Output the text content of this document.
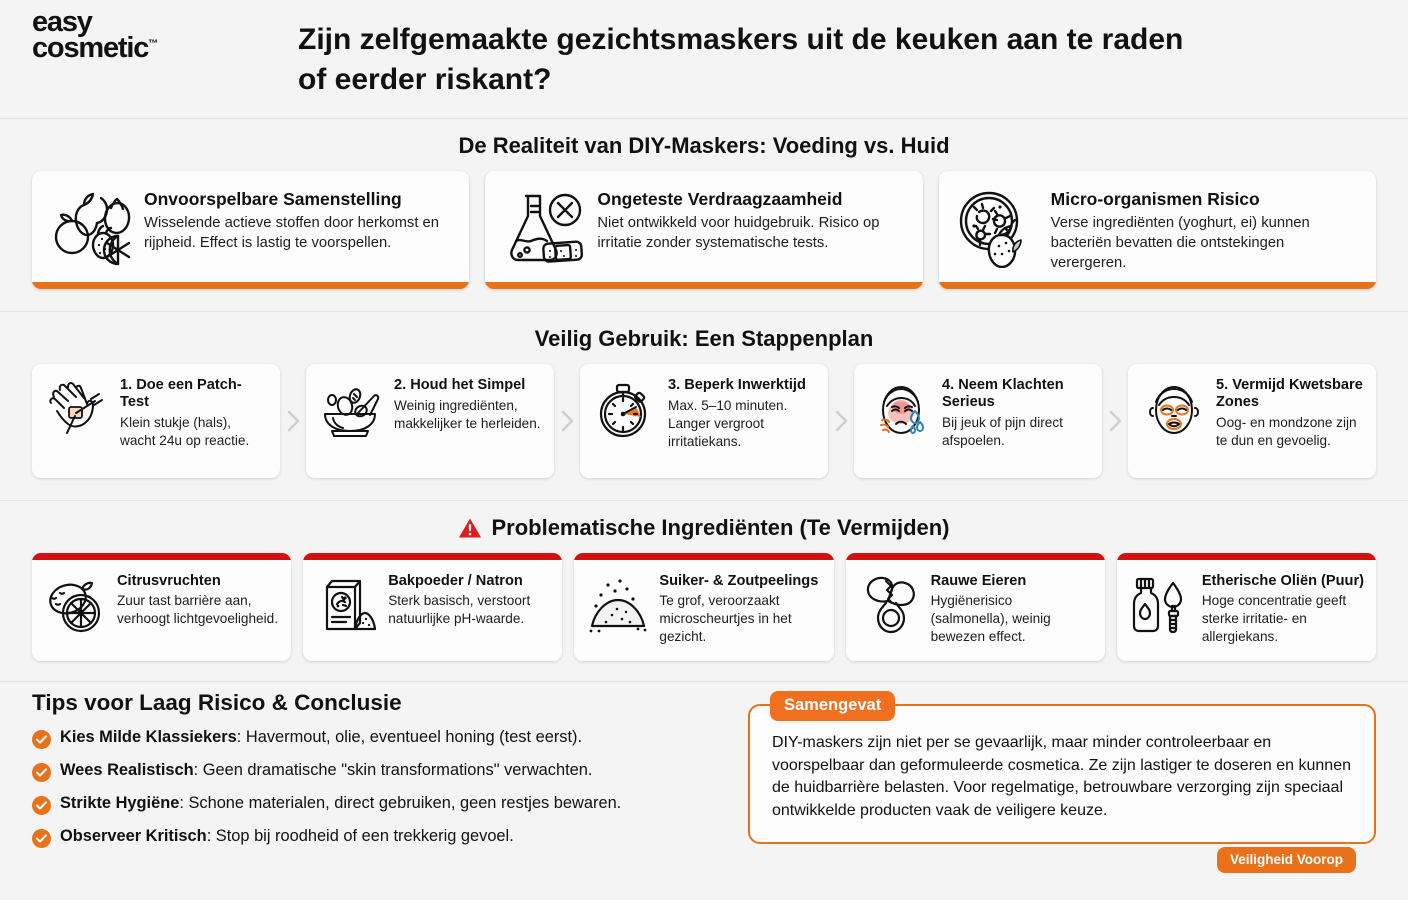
easy
cosmetic™	Zijn zelfgemaakte gezichtsmaskers uit de keuken aan te raden of eerder riskant?
De Realiteit van DIY-Maskers: Voeding vs. Huid
Onvoorspelbare Samenstelling
Wisselende actieve stoffen door herkomst en rijpheid. Effect is lastig te voorspellen.
Ongeteste Verdraagzaamheid
Niet ontwikkeld voor huidgebruik. Risico op irritatie zonder systematische tests.
Micro-organismen Risico
Verse ingrediënten (yoghurt, ei) kunnen bacteriën bevatten die ontstekingen verergeren.
Veilig Gebruik: Een Stappenplan
1. Doe een Patch-Test
Klein stukje (hals), wacht 24u op reactie.
2. Houd het Simpel
Weinig ingrediënten, makkelijker te herleiden.
3. Beperk Inwerktijd
Max. 5–10 minuten. Langer vergroot irritatiekans.
4. Neem Klachten Serieus
Bij jeuk of pijn direct afspoelen.
5. Vermijd Kwetsbare Zones
Oog- en mondzone zijn te dun en gevoelig.
Problematische Ingrediënten (Te Vermijden)
Citrusvruchten
Zuur tast barrière aan, verhoogt lichtgevoeligheid.
Bakpoeder / Natron
Sterk basisch, verstoort natuurlijke pH-waarde.
Suiker- & Zoutpeelings
Te grof, veroorzaakt microscheurtjes in het gezicht.
Rauwe Eieren
Hygiënerisico (salmonella), weinig bewezen effect.
Etherische Oliën (Puur)
Hoge concentratie geeft sterke irritatie- en allergiekans.
Tips voor Laag Risico & Conclusie
Kies Milde Klassiekers: Havermout, olie, eventueel honing (test eerst).
Wees Realistisch: Geen dramatische "skin transformations" verwachten.
Strikte Hygiëne: Schone materialen, direct gebruiken, geen restjes bewaren.
Observeer Kritisch: Stop bij roodheid of een trekkerig gevoel.
DIY-maskers zijn niet per se gevaarlijk, maar minder controleerbaar en voorspelbaar dan geformuleerde cosmetica. Ze zijn lastiger te doseren en kunnen de huidbarrière belasten. Voor regelmatige, betrouwbare verzorging zijn speciaal ontwikkelde producten vaak de veiligere keuze.
Samengevat
Veiligheid Voorop
